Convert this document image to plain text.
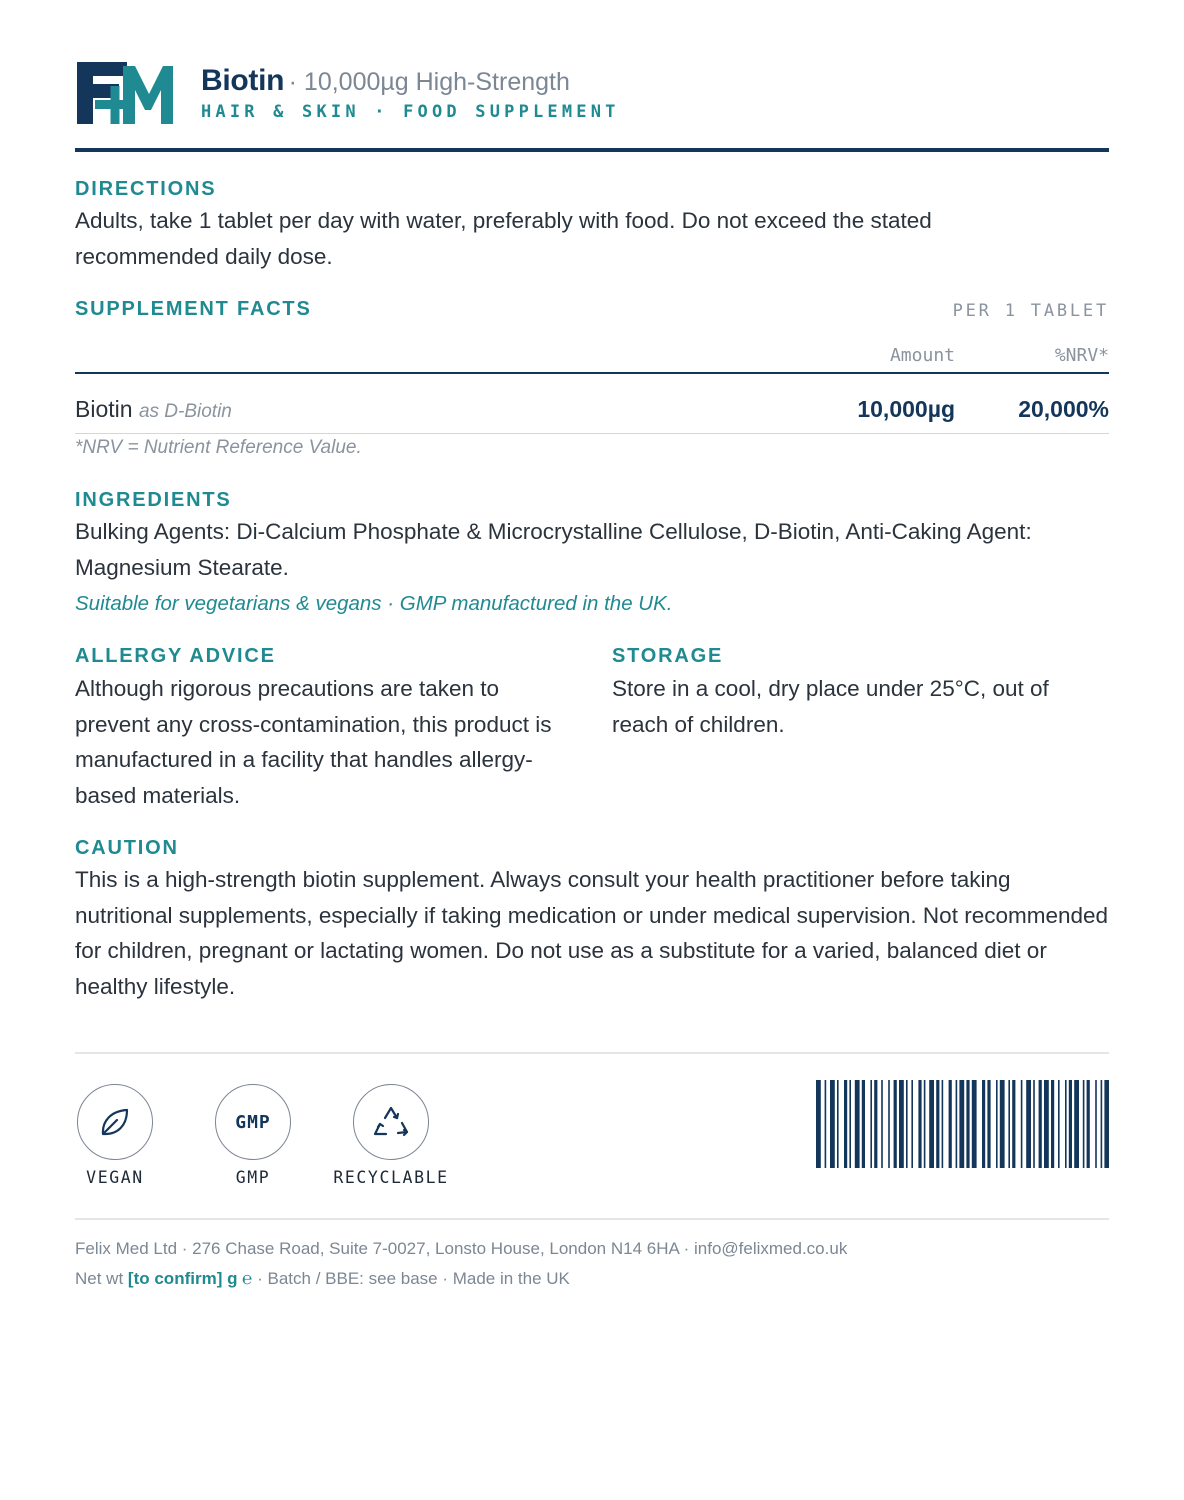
Biotin · 10,000µg High-Strength
HAIR & SKIN · FOOD SUPPLEMENT
DIRECTIONS
Adults, take 1 tablet per day with water, preferably with food. Do not exceed the stated recommended daily dose.
SUPPLEMENT FACTS	PER 1 TABLET
Amount	%NRV*
Biotin as D-Biotin	10,000µg	20,000%
*NRV = Nutrient Reference Value.
INGREDIENTS
Bulking Agents: Di-Calcium Phosphate & Microcrystalline Cellulose, D-Biotin, Anti-Caking Agent: Magnesium Stearate.
Suitable for vegetarians & vegans · GMP manufactured in the UK.
ALLERGY ADVICE
Although rigorous precautions are taken to prevent any cross-contamination, this product is manufactured in a facility that handles allergy-based materials.
STORAGE
Store in a cool, dry place under 25°C, out of reach of children.
CAUTION
This is a high-strength biotin supplement. Always consult your health practitioner before taking nutritional supplements, especially if taking medication or under medical supervision. Not recommended for children, pregnant or lactating women. Do not use as a substitute for a varied, balanced diet or healthy lifestyle.
VEGAN
GMP
GMP	RECYCLABLE
Felix Med Ltd · 276 Chase Road, Suite 7-0027, Lonsto House, London N14 6HA · info@felixmed.co.uk
Net wt [to confirm] g ℮ · Batch / BBE: see base · Made in the UK
